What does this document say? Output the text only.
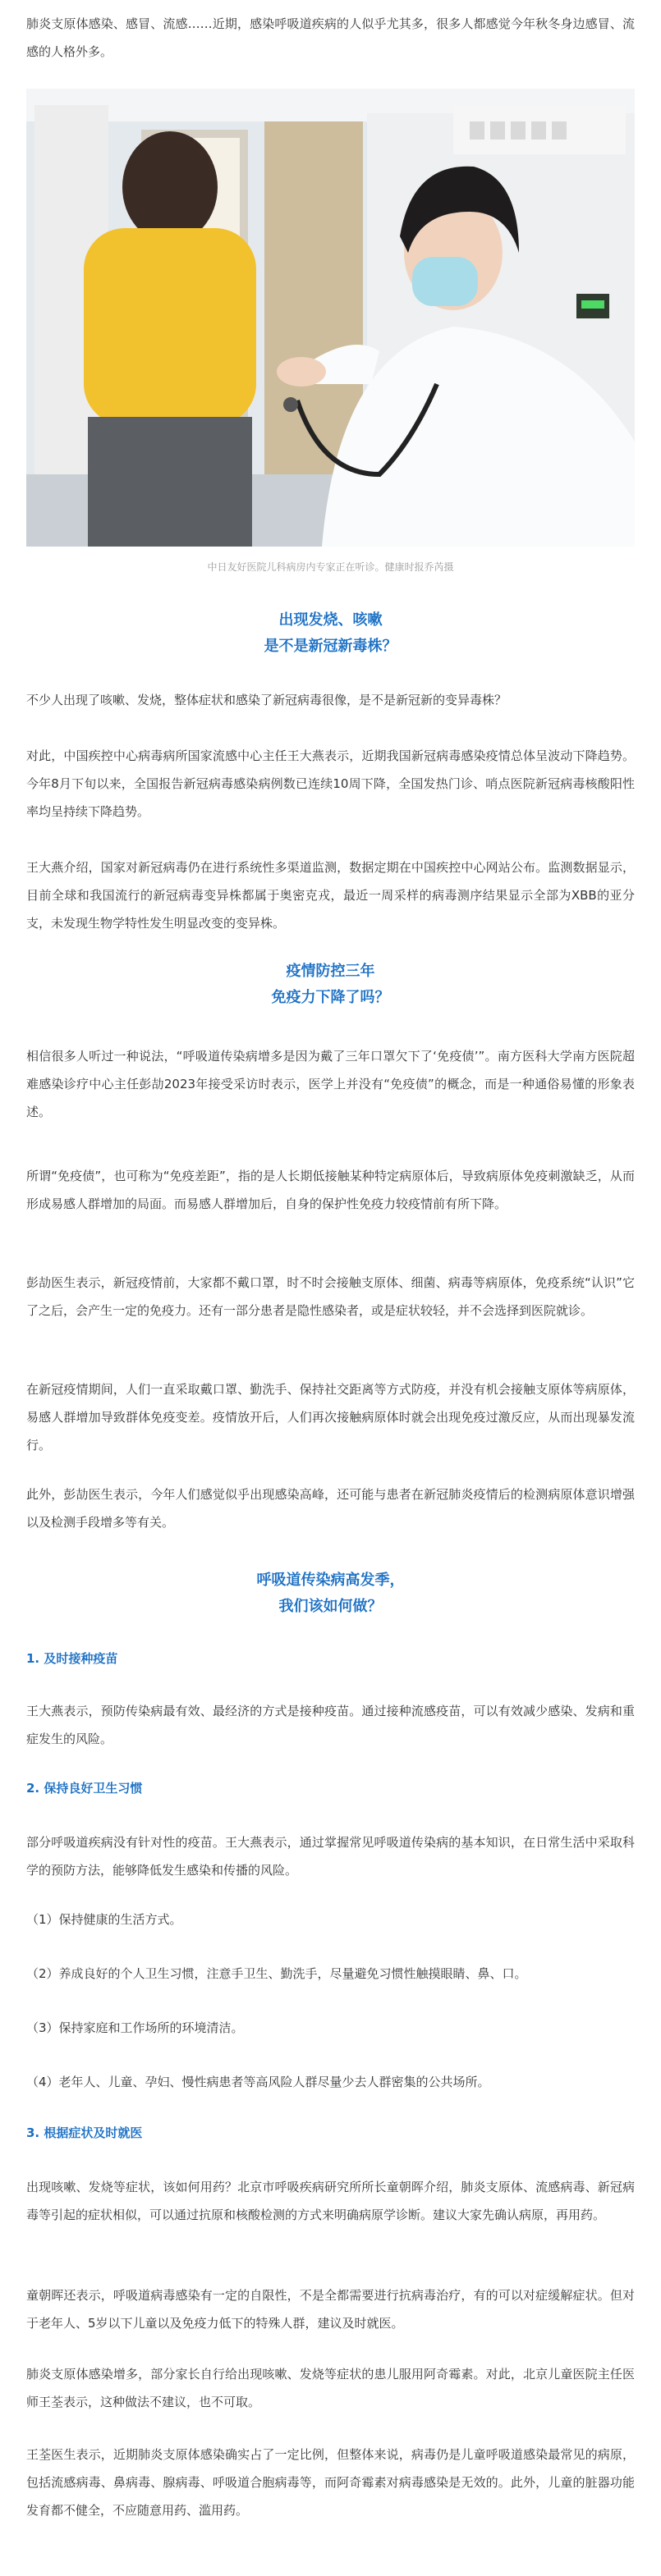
肺炎支原体感染、感冒、流感……近期，感染呼吸道疾病的人似乎尤其多，很多人都感觉今年秋冬身边感冒、流感的人格外多。

中日友好医院儿科病房内专家正在听诊。健康时报乔芮摄

出现发烧、咳嗽

是不是新冠新毒株？

不少人出现了咳嗽、发烧，整体症状和感染了新冠病毒很像，是不是新冠新的变异毒株？

对此，中国疾控中心病毒病所国家流感中心主任王大燕表示，近期我国新冠病毒感染疫情总体呈波动下降趋势。今年8月下旬以来，全国报告新冠病毒感染病例数已连续10周下降，全国发热门诊、哨点医院新冠病毒核酸阳性率均呈持续下降趋势。

王大燕介绍，国家对新冠病毒仍在进行系统性多渠道监测，数据定期在中国疾控中心网站公布。监测数据显示，目前全球和我国流行的新冠病毒变异株都属于奥密克戎，最近一周采样的病毒测序结果显示全部为XBB的亚分支，未发现生物学特性发生明显改变的变异株。

疫情防控三年

免疫力下降了吗？

相信很多人听过一种说法，“呼吸道传染病增多是因为戴了三年口罩欠下了‘免疫债’”。南方医科大学南方医院超难感染诊疗中心主任彭劼2023年接受采访时表示，医学上并没有“免疫债”的概念，而是一种通俗易懂的形象表述。

所谓“免疫债”，也可称为“免疫差距”，指的是人长期低接触某种特定病原体后，导致病原体免疫刺激缺乏，从而形成易感人群增加的局面。而易感人群增加后，自身的保护性免疫力较疫情前有所下降。

彭劼医生表示，新冠疫情前，大家都不戴口罩，时不时会接触支原体、细菌、病毒等病原体，免疫系统“认识”它了之后，会产生一定的免疫力。还有一部分患者是隐性感染者，或是症状较轻，并不会选择到医院就诊。

在新冠疫情期间，人们一直采取戴口罩、勤洗手、保持社交距离等方式防疫，并没有机会接触支原体等病原体，易感人群增加导致群体免疫变差。疫情放开后，人们再次接触病原体时就会出现免疫过激反应，从而出现暴发流行。

此外，彭劼医生表示，今年人们感觉似乎出现感染高峰，还可能与患者在新冠肺炎疫情后的检测病原体意识增强以及检测手段增多等有关。

呼吸道传染病高发季，

我们该如何做？

1. 及时接种疫苗

王大燕表示，预防传染病最有效、最经济的方式是接种疫苗。通过接种流感疫苗，可以有效减少感染、发病和重症发生的风险。

2. 保持良好卫生习惯

部分呼吸道疾病没有针对性的疫苗。王大燕表示，通过掌握常见呼吸道传染病的基本知识，在日常生活中采取科学的预防方法，能够降低发生感染和传播的风险。

（1）保持健康的生活方式。

（2）养成良好的个人卫生习惯，注意手卫生、勤洗手，尽量避免习惯性触摸眼睛、鼻、口。

（3）保持家庭和工作场所的环境清洁。

（4）老年人、儿童、孕妇、慢性病患者等高风险人群尽量少去人群密集的公共场所。

3. 根据症状及时就医

出现咳嗽、发烧等症状，该如何用药？北京市呼吸疾病研究所所长童朝晖介绍，肺炎支原体、流感病毒、新冠病毒等引起的症状相似，可以通过抗原和核酸检测的方式来明确病原学诊断。建议大家先确认病原，再用药。

童朝晖还表示，呼吸道病毒感染有一定的自限性，不是全都需要进行抗病毒治疗，有的可以对症缓解症状。但对于老年人、5岁以下儿童以及免疫力低下的特殊人群，建议及时就医。

肺炎支原体感染增多，部分家长自行给出现咳嗽、发烧等症状的患儿服用阿奇霉素。对此，北京儿童医院主任医师王荃表示，这种做法不建议，也不可取。

王荃医生表示，近期肺炎支原体感染确实占了一定比例，但整体来说，病毒仍是儿童呼吸道感染最常见的病原，包括流感病毒、鼻病毒、腺病毒、呼吸道合胞病毒等，而阿奇霉素对病毒感染是无效的。此外，儿童的脏器功能发育都不健全，不应随意用药、滥用药。
